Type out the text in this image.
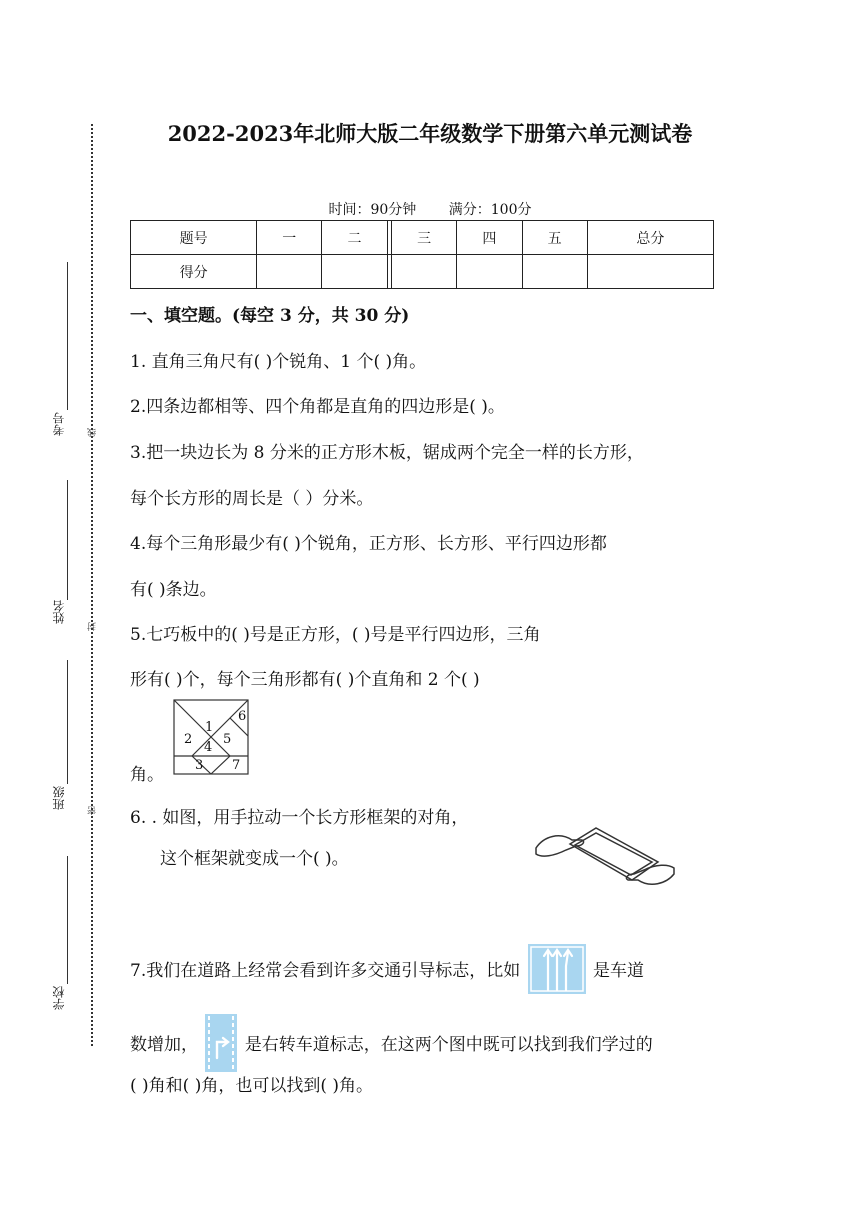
线
封
密
考号
姓名
班级
学校
2022-2023年北师大版二年级数学下册第六单元测试卷
时间：90分钟 满分：100分
题号	一	二		三	四	五	总分
得分							
一、填空题。(每空 3 分，共 30 分)
1. 直角三角尺有( )个锐角、1 个( )角。
2.四条边都相等、四个角都是直角的四边形是( )。
3.把一块边长为 8 分米的正方形木板，锯成两个完全一样的长方形，
每个长方形的周长是（ ）分米。
4.每个三角形最少有( )个锐角，正方形、长方形、平行四边形都
有( )条边。
5.七巧板中的( )号是正方形，( )号是平行四边形，三角
形有( )个，每个三角形都有( )个直角和 2 个( )
角。
1
2
4
5
6
3 7
6. . 如图，用手拉动一个长方形框架的对角，
这个框架就变成一个( )。
7.我们在道路上经常会看到许多交通引导标志，比如	是车道
数增加，	是右转车道标志，在这两个图中既可以找到我们学过的
( )角和( )角，也可以找到( )角。
